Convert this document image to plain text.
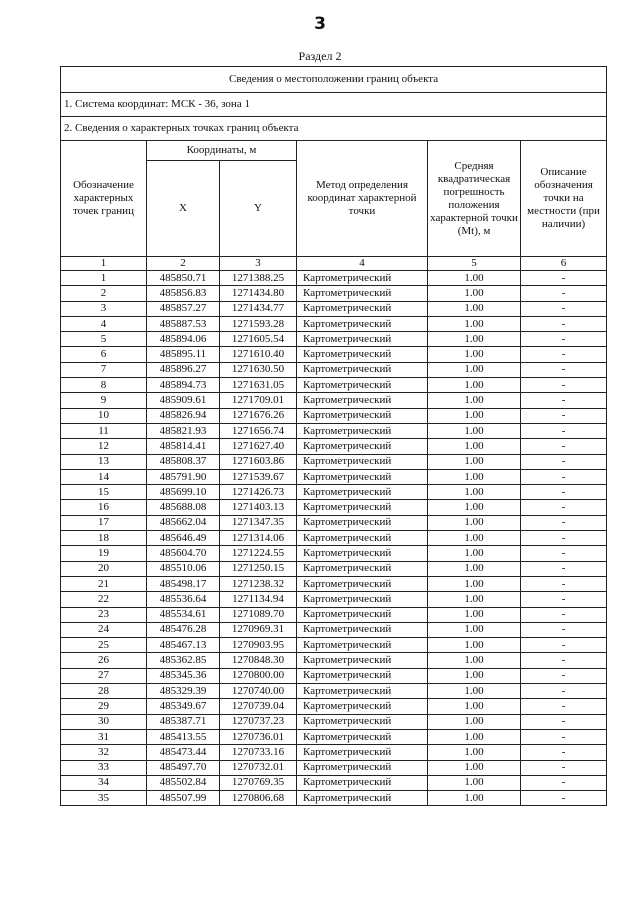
3
Раздел 2
Сведения о местоположении границ объекта					
1. Система координат: МСК - 36, зона 1					
2. Сведения о характерных точках границ объекта					
Обозначение характерных точек границ	Координаты, м		Метод определения координат характерной точки	Средняя квадратическая погрешность положения характерной точки (Mt), м	Описание обозначения точки на местности (при наличии)
	X	Y			
1	2	3	4	5	6
1	485850.71	1271388.25	Картометрический	1.00	-
2	485856.83	1271434.80	Картометрический	1.00	-
3	485857.27	1271434.77	Картометрический	1.00	-
4	485887.53	1271593.28	Картометрический	1.00	-
5	485894.06	1271605.54	Картометрический	1.00	-
6	485895.11	1271610.40	Картометрический	1.00	-
7	485896.27	1271630.50	Картометрический	1.00	-
8	485894.73	1271631.05	Картометрический	1.00	-
9	485909.61	1271709.01	Картометрический	1.00	-
10	485826.94	1271676.26	Картометрический	1.00	-
11	485821.93	1271656.74	Картометрический	1.00	-
12	485814.41	1271627.40	Картометрический	1.00	-
13	485808.37	1271603.86	Картометрический	1.00	-
14	485791.90	1271539.67	Картометрический	1.00	-
15	485699.10	1271426.73	Картометрический	1.00	-
16	485688.08	1271403.13	Картометрический	1.00	-
17	485662.04	1271347.35	Картометрический	1.00	-
18	485646.49	1271314.06	Картометрический	1.00	-
19	485604.70	1271224.55	Картометрический	1.00	-
20	485510.06	1271250.15	Картометрический	1.00	-
21	485498.17	1271238.32	Картометрический	1.00	-
22	485536.64	1271134.94	Картометрический	1.00	-
23	485534.61	1271089.70	Картометрический	1.00	-
24	485476.28	1270969.31	Картометрический	1.00	-
25	485467.13	1270903.95	Картометрический	1.00	-
26	485362.85	1270848.30	Картометрический	1.00	-
27	485345.36	1270800.00	Картометрический	1.00	-
28	485329.39	1270740.00	Картометрический	1.00	-
29	485349.67	1270739.04	Картометрический	1.00	-
30	485387.71	1270737.23	Картометрический	1.00	-
31	485413.55	1270736.01	Картометрический	1.00	-
32	485473.44	1270733.16	Картометрический	1.00	-
33	485497.70	1270732.01	Картометрический	1.00	-
34	485502.84	1270769.35	Картометрический	1.00	-
35	485507.99	1270806.68	Картометрический	1.00	-
